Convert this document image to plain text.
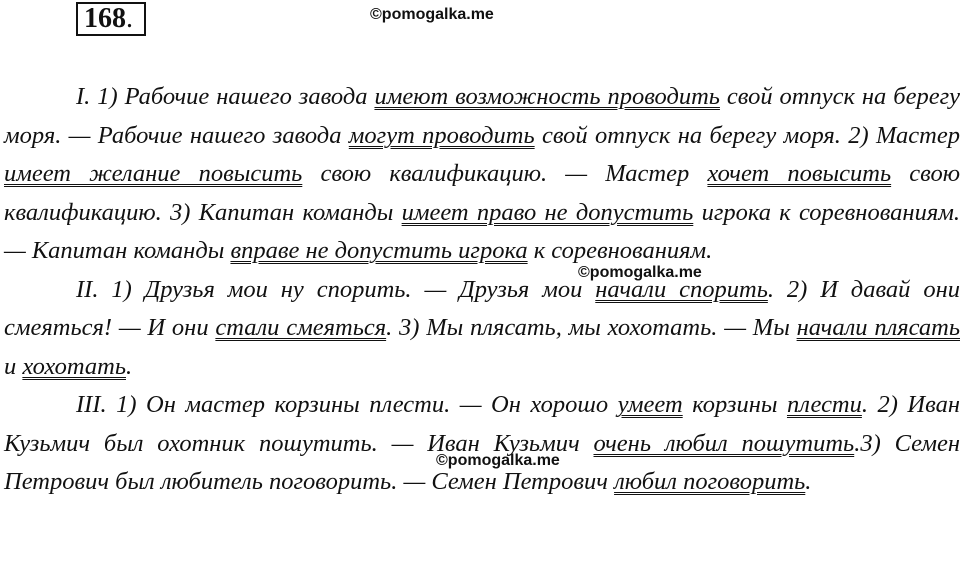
168.	©pomogalka.me

I. 1) Рабочие нашего завода имеют возможность проводить свой отпуск на берегу моря. — Рабочие нашего завода могут проводить свой отпуск на берегу моря. 2) Мастер имеет желание повысить свою квалификацию. — Мастер хочет повысить свою квалификацию. 3) Капитан команды имеет право не допустить игрока к соревнованиям. — Капитан команды вправе не допустить игрока к соревнованиям.

II. 1) Друзья мои ну спорить. — Друзья мои начали спорить. 2) И давай они смеяться! — И они стали смеяться. 3) Мы плясать, мы хохотать. — Мы начали плясать и хохотать.

III. 1) Он мастер корзины плести. — Он хорошо умеет корзины плести. 2) Иван Кузьмич был охотник пошутить. — Иван Кузьмич очень любил пошутить.3) Семен Петрович был любитель поговорить. — Семен Петрович любил поговорить.

©pomogalka.me
©pomogalka.me
